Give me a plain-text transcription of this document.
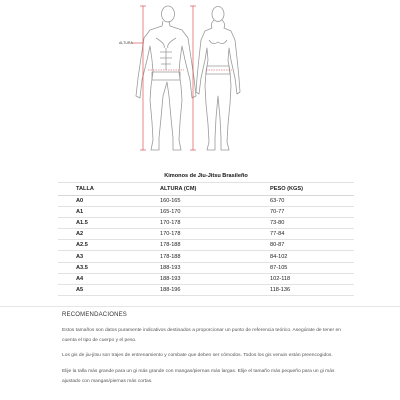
ALTURA
Kimonos de Jiu-Jitsu Brasileño		
TALLA	ALTURA (CM)	PESO (KGS)
A0	160-165	63-70
A1	165-170	70-77
A1.5	170-178	73-80
A2	170-178	77-84
A2.5	178-188	80-87
A3	178-188	84-102
A3.5	188-193	87-105
A4	188-193	102-118
A5	188-196	118-136
RECOMENDACIONES

Estos tamaños son datos puramente indicativos destinados a proporcionar un punto de referencia teórico. Asegúrate de tener en cuenta el tipo de cuerpo y el peso.

Los gis de jiu-jitsu son trajes de entrenamiento y combate que deben ser cómodos. Todos los gis venuin están preencogidos.

Elije la talla más grande para un gi más grande con mangas/piernas más largas. Elije el tamaño más pequeño para un gi más ajustado con mangas/piernas más cortas.
